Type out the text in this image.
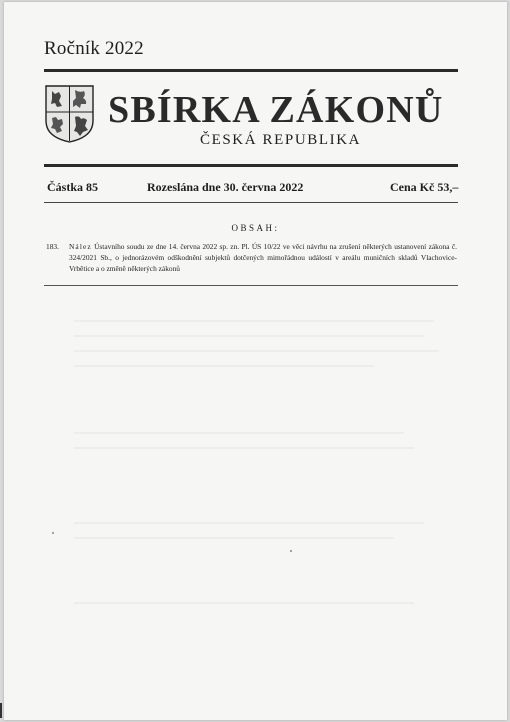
Ročník 2022
SBÍRKA ZÁKONŮ
ČESKÁ REPUBLIKA
Částka 85	Rozeslána dne 30. června 2022	Cena Kč 53,–
OBSAH:
183. Nález Ústavního soudu ze dne 14. června 2022 sp. zn. Pl. ÚS 10/22 ve věci návrhu na zrušení některých ustanovení zákona č. 324/2021 Sb., o jednorázovém odškodnění subjektů dotčených mimořádnou událostí v areálu muničních skladů Vlachovice-Vrbětice a o změně některých zákonů
